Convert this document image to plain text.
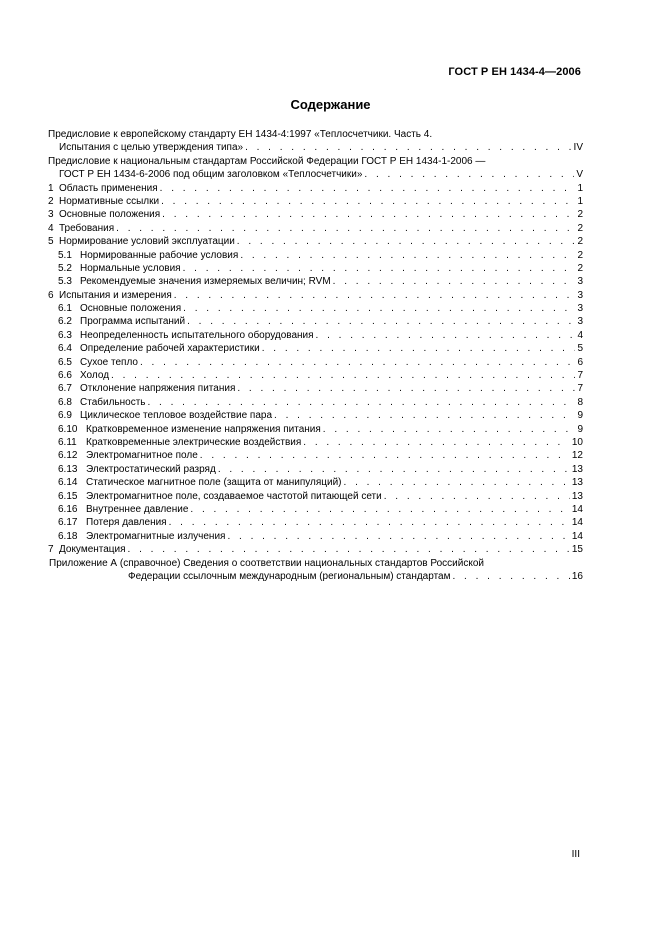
ГОСТ Р ЕН 1434-4—2006
Содержание
Предисловие к европейскому стандарту ЕН 1434-4:1997 «Теплосчетчики. Часть 4.
Испытания с целью утверждения типа» . . .	IV
Предисловие к национальным стандартам Российской Федерации ГОСТ Р ЕН 1434-1-2006 —
ГОСТ Р ЕН 1434-6-2006 под общим заголовком «Теплосчетчики» . . .	V
1 Область применения . . .	1
2 Нормативные ссылки . . .	1
3 Основные положения . . .	2
4 Требования . . .	2
5 Нормирование условий эксплуатации . . .	2
5.1 Нормированные рабочие условия . . .	2
5.2 Нормальные условия . . .	2
5.3 Рекомендуемые значения измеряемых величин; RVM . . .	3
6 Испытания и измерения . . .	3
6.1 Основные положения . . .	3
6.2 Программа испытаний . . .	3
6.3 Неопределенность испытательного оборудования . . .	4
6.4 Определение рабочей характеристики . . .	5
6.5 Сухое тепло . . .	6
6.6 Холод . . .	7
6.7 Отклонение напряжения питания . . .	7
6.8 Стабильность . . .	8
6.9 Циклическое тепловое воздействие пара . . .	9
6.10 Кратковременное изменение напряжения питания . . .	9
6.11 Кратковременные электрические воздействия . . .	10
6.12 Электромагнитное поле . . .	12
6.13 Электростатический разряд . . .	13
6.14 Статическое магнитное поле (защита от манипуляций) . . .	13
6.15 Электромагнитное поле, создаваемое частотой питающей сети . . .	13
6.16 Внутреннее давление . . .	14
6.17 Потеря давления . . .	14
6.18 Электромагнитные излучения . . .	14
7 Документация . . .	15
Приложение А (справочное) Сведения о соответствии национальных стандартов Российской
Федерации ссылочным международным (региональным) стандартам . . .	16
III
